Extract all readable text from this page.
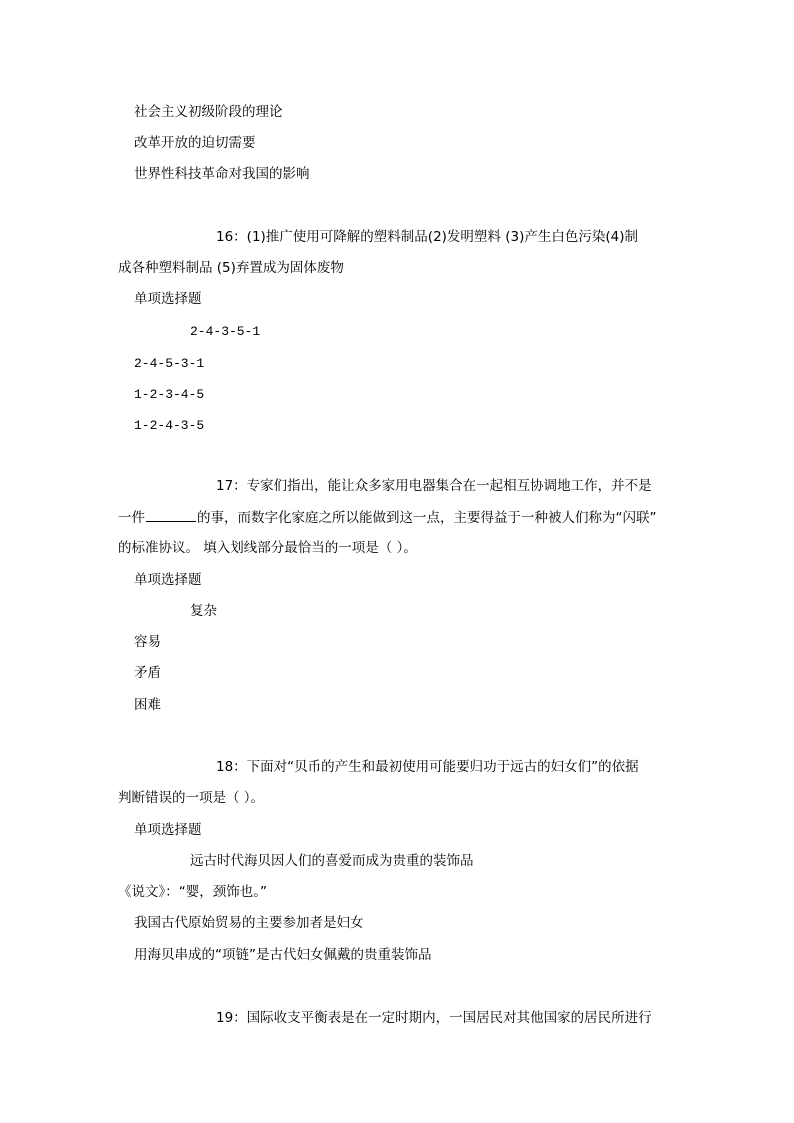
社会主义初级阶段的理论
改革开放的迫切需要
世界性科技革命对我国的影响
16：(1)推广使用可降解的塑料制品(2)发明塑料 (3)产生白色污染(4)制
成各种塑料制品 (5)弃置成为固体废物
单项选择题
2-4-3-5-1
2-4-5-3-1
1-2-3-4-5
1-2-4-3-5
17：专家们指出，能让众多家用电器集合在一起相互协调地工作，并不是
一件	的事，而数字化家庭之所以能做到这一点，主要得益于一种被人们称为“闪联”
的标准协议。 填入划线部分最恰当的一项是（ ）。
单项选择题
复杂
容易
矛盾
困难
18：下面对“贝币的产生和最初使用可能要归功于远古的妇女们”的依据
判断错误的一项是（ ）。
单项选择题
远古时代海贝因人们的喜爱而成为贵重的装饰品
《说文》：“婴，颈饰也。”
我国古代原始贸易的主要参加者是妇女
用海贝串成的“项链”是古代妇女佩戴的贵重装饰品
19：国际收支平衡表是在一定时期内，一国居民对其他国家的居民所进行
